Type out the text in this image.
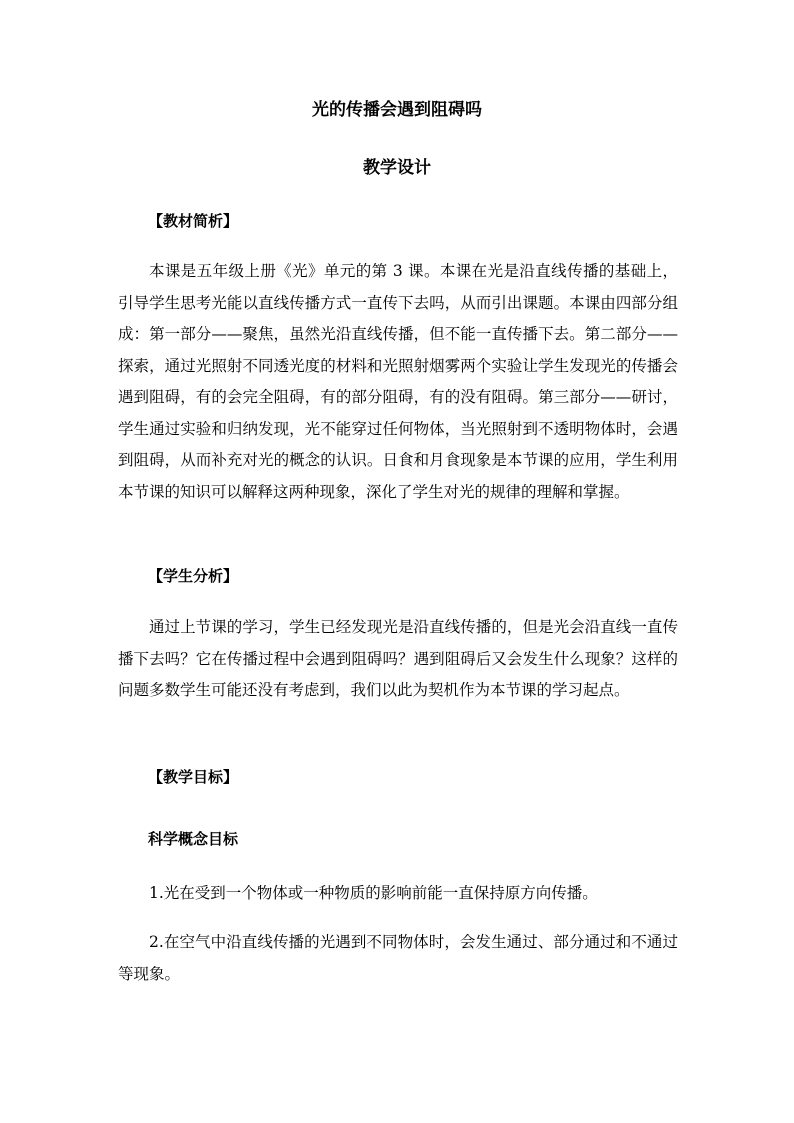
光的传播会遇到阻碍吗
教学设计
【教材简析】

本课是五年级上册《光》单元的第 3 课。本课在光是沿直线传播的基础上，引导学生思考光能以直线传播方式一直传下去吗，从而引出课题。本课由四部分组成：第一部分——聚焦，虽然光沿直线传播，但不能一直传播下去。第二部分——探索，通过光照射不同透光度的材料和光照射烟雾两个实验让学生发现光的传播会遇到阻碍，有的会完全阻碍，有的部分阻碍，有的没有阻碍。第三部分——研讨，学生通过实验和归纳发现，光不能穿过任何物体，当光照射到不透明物体时，会遇到阻碍，从而补充对光的概念的认识。日食和月食现象是本节课的应用，学生利用本节课的知识可以解释这两种现象，深化了学生对光的规律的理解和掌握。

【学生分析】

通过上节课的学习，学生已经发现光是沿直线传播的，但是光会沿直线一直传播下去吗？它在传播过程中会遇到阻碍吗？遇到阻碍后又会发生什么现象？这样的问题多数学生可能还没有考虑到，我们以此为契机作为本节课的学习起点。

【教学目标】
科学概念目标

1.光在受到一个物体或一种物质的影响前能一直保持原方向传播。

2.在空气中沿直线传播的光遇到不同物体时，会发生通过、部分通过和不通过等现象。
